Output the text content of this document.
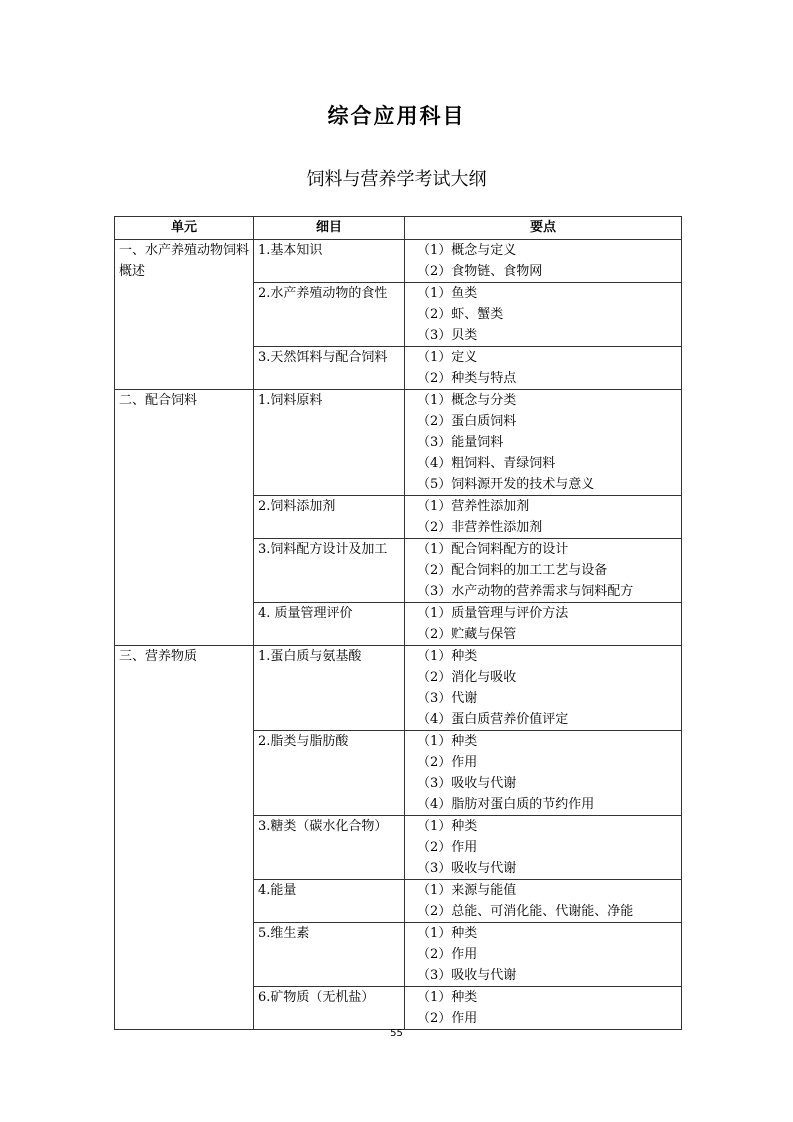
综合应用科目
饲料与营养学考试大纲
单元	细目	要点

一、水产养殖动物饲料概述	1.基本知识	（1）概念与定义
（2）食物链、食物网

	2.水产养殖动物的食性	（1）鱼类
（2）虾、蟹类
（3）贝类

	3.天然饵料与配合饲料	（1）定义
（2）种类与特点

二、配合饲料	1.饲料原料	（1）概念与分类
（2）蛋白质饲料
（3）能量饲料
（4）粗饲料、青绿饲料
（5）饲料源开发的技术与意义

	2.饲料添加剂	（1）营养性添加剂
（2）非营养性添加剂

	3.饲料配方设计及加工	（1）配合饲料配方的设计
（2）配合饲料的加工工艺与设备
（3）水产动物的营养需求与饲料配方

	4. 质量管理评价	（1）质量管理与评价方法
（2）贮藏与保管

三、营养物质	1.蛋白质与氨基酸	（1）种类
（2）消化与吸收
（3）代谢
（4）蛋白质营养价值评定

	2.脂类与脂肪酸	（1）种类
（2）作用
（3）吸收与代谢
（4）脂肪对蛋白质的节约作用

	3.糖类（碳水化合物）	（1）种类
（2）作用
（3）吸收与代谢

	4.能量	（1）来源与能值
（2）总能、可消化能、代谢能、净能

	5.维生素	（1）种类
（2）作用
（3）吸收与代谢

	6.矿物质（无机盐）	（1）种类
（2）作用
55
